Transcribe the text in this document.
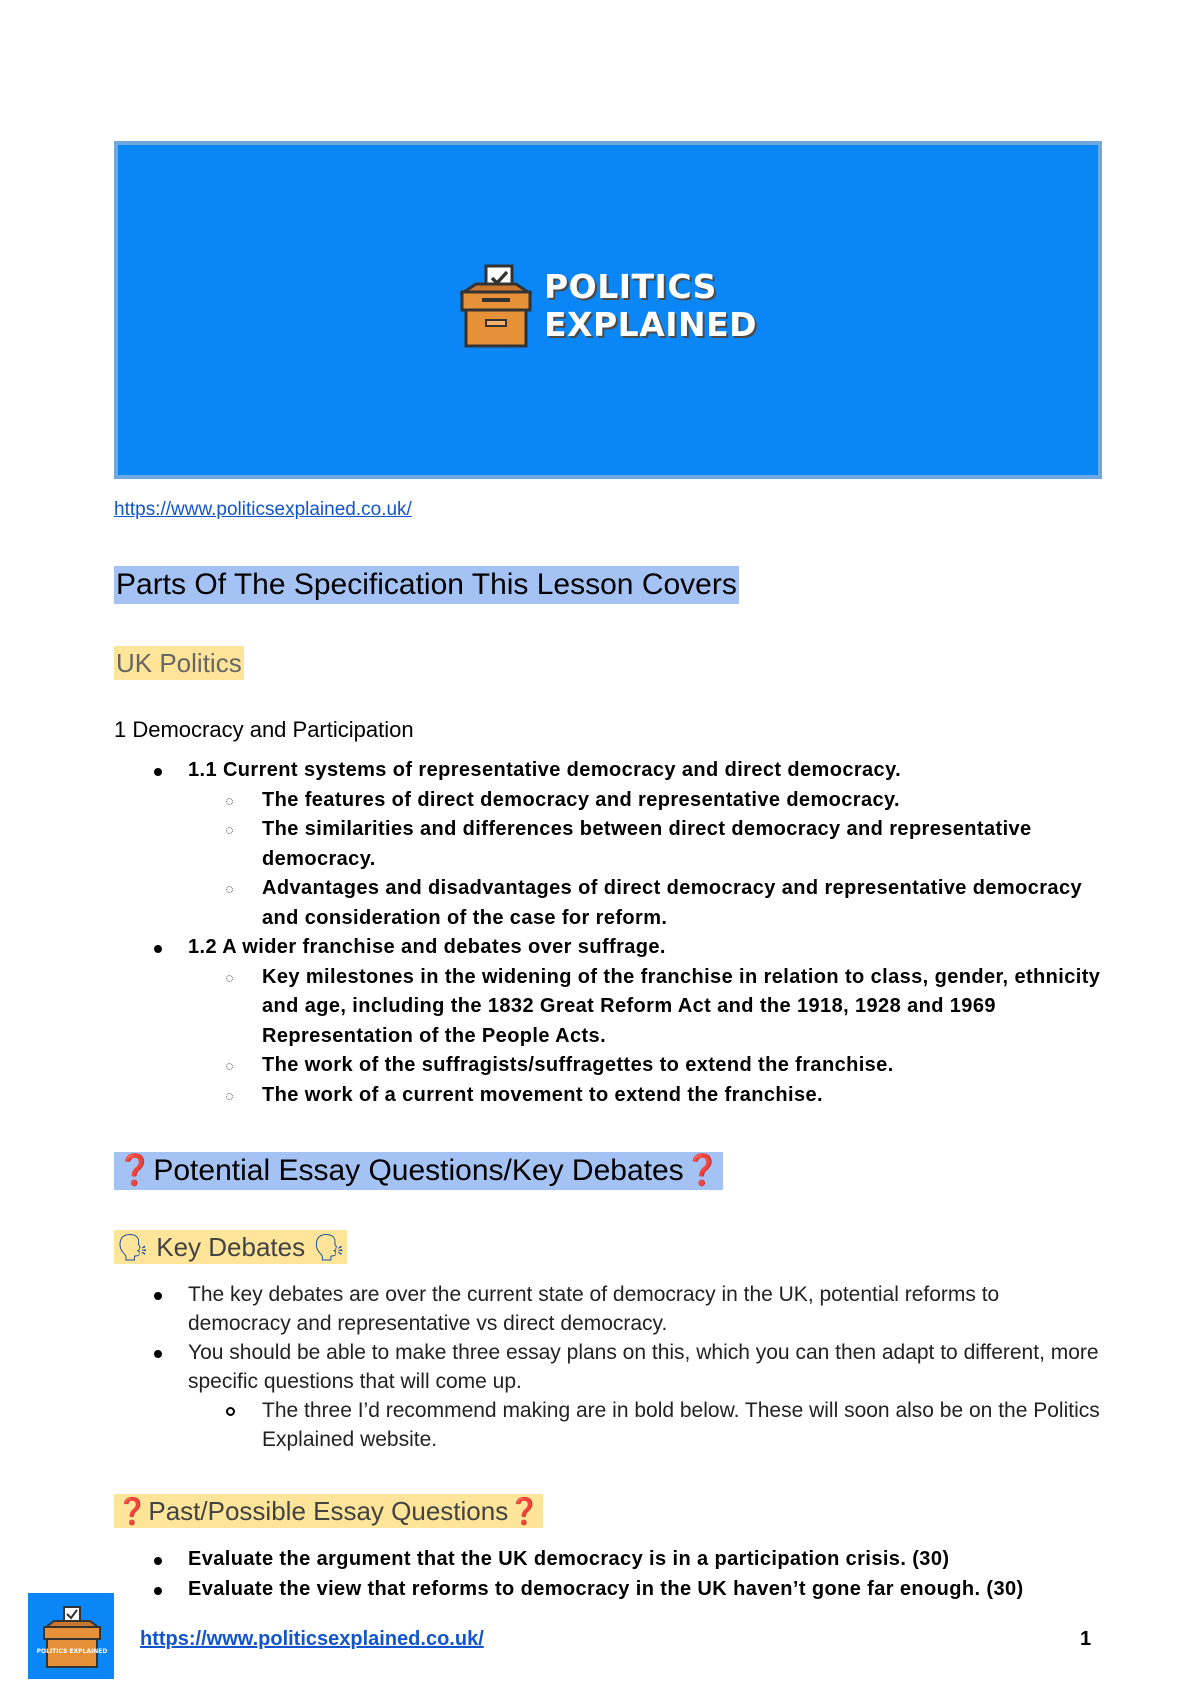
POLITICS
EXPLAINED
https://www.politicsexplained.co.uk/
Parts Of The Specification This Lesson Covers
UK Politics
1 Democracy and Participation
1.1 Current systems of representative democracy and direct democracy.
The features of direct democracy and representative democracy.
The similarities and differences between direct democracy and representative democracy.
Advantages and disadvantages of direct democracy and representative democracy and consideration of the case for reform.
1.2 A wider franchise and debates over suffrage.
Key milestones in the widening of the franchise in relation to class, gender, ethnicity and age, including the 1832 Great Reform Act and the 1918, 1928 and 1969 Representation of the People Acts.
The work of the suffragists/suffragettes to extend the franchise.
The work of a current movement to extend the franchise.
❓Potential Essay Questions/Key Debates❓
🗣 Key Debates 🗣
The key debates are over the current state of democracy in the UK, potential reforms to democracy and representative vs direct democracy.
You should be able to make three essay plans on this, which you can then adapt to different, more specific questions that will come up.
The three I’d recommend making are in bold below. These will soon also be on the Politics Explained website.
❓Past/Possible Essay Questions❓
Evaluate the argument that the UK democracy is in a participation crisis. (30)
Evaluate the view that reforms to democracy in the UK haven’t gone far enough. (30)
POLITICS EXPLAINED
https://www.politicsexplained.co.uk/	1
